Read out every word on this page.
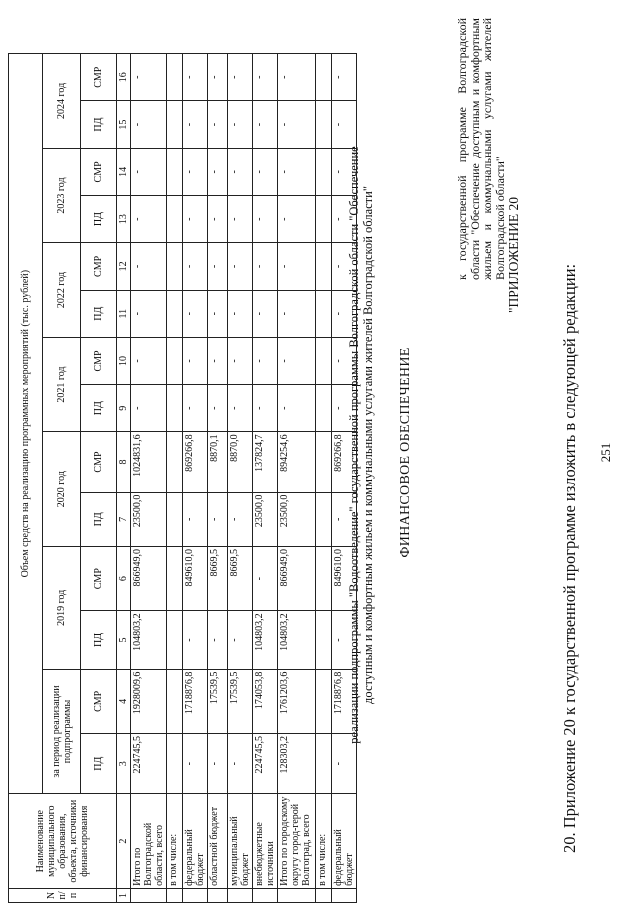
251
20. Приложение 20 к государственной программе изложить в следующей редакции:
"ПРИЛОЖЕНИЕ 20
к государственной программе Волгоградской области "Обеспечение доступным и комфортным жильем и коммунальными услугами жителей Волгоградской области"
ФИНАНСОВОЕ ОБЕСПЕЧЕНИЕ
реализации подпрограммы "Водоотведение" государственной программы Волгоградской области "Обеспечение доступным и комфортным жильем и коммунальными услугами жителей Волгоградской области"
N п/п	Наименование муниципального образования, объекта, источники финансирования	Объем средств на реализацию программных мероприятий (тыс. рублей)													
		за период реализации подпрограммы		2019 год		2020 год		2021 год		2022 год		2023 год		2024 год	
		ПД	СМР	ПД	СМР	ПД	СМР	ПД	СМР	ПД	СМР	ПД	СМР	ПД	СМР
1	2	3	4	5	6	7	8	9	10	11	12	13	14	15	16
	Итого по Волгоградской области, всего	224745,5	1928009,6	104803,2	866949,0	23500,0	1024831,6	-	-	-	-	-	-	-	-
	в том числе:														
	федеральный бюджет	-	1718876,8	-	849610,0	-	869266,8	-	-	-	-	-	-	-	-
	областной бюджет	-	17539,5	-	8669,5	-	8870,1	-	-	-	-	-	-	-	-
	муниципальный бюджет	-	17539,5	-	8669,5	-	8870,0	-	-	-	-	-	-	-	-
	внебюджетные источники	224745,5	174053,8	104803,2	-	23500,0	137824,7	-	-	-	-	-	-	-	-
	Итого по городскому округу город-герой Волгоград, всего	128303,2	1761203,6	104803,2	866949,0	23500,0	894254,6	-	-	-	-	-	-	-	-
	в том числе:														
	федеральный бюджет	-	1718876,8	-	849610,0	-	869266,8	-	-	-	-	-	-	-	-
